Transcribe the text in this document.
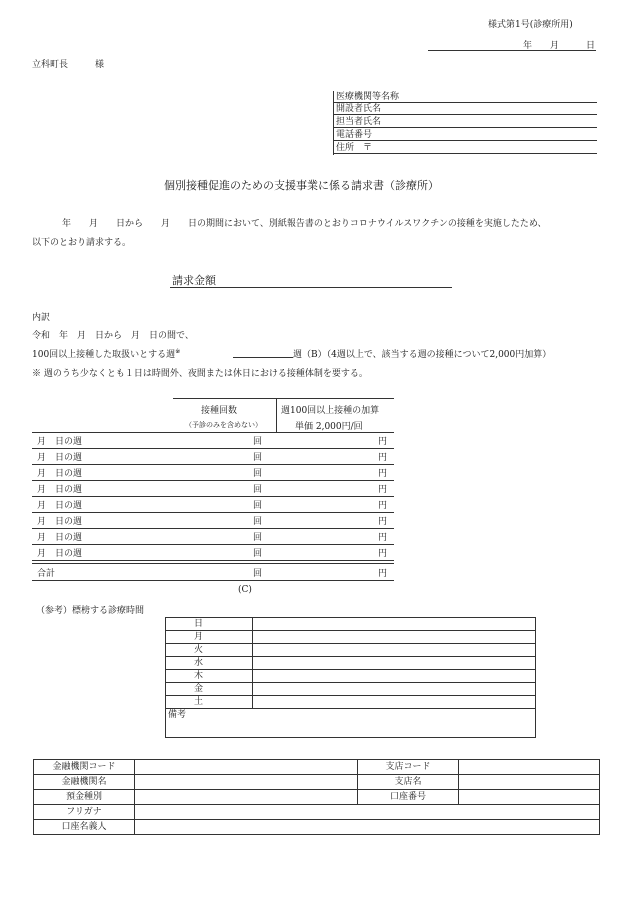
様式第1号(診療所用)
年　　月　　　日
立科町長　　　様
医療機関等名称
開設者氏名
担当者氏名
電話番号
住所　〒
個別接種促進のための支援事業に係る請求書（診療所）
年　　月　　日から　　月　　日の期間において、別紙報告書のとおりコロナウイルスワクチンの接種を実施したため、
以下のとおり請求する。
請求金額
内訳
令和　年　月　日から　月　日の間で、
100回以上接種した取扱いとする週※	週（B）（4週以上で、該当する週の接種について2,000円加算）
※ 週のうち少なくとも１日は時間外、夜間または休日における接種体制を要する。
接種回数
（予診のみを含めない）
週100回以上接種の加算
単価 2,000円/回
月　日の週	回	円
月　日の週	回	円
月　日の週	回	円
月　日の週	回	円
月　日の週	回	円
月　日の週	回	円
月　日の週	回	円
月　日の週	回	円
合計	回	円
(C)
（参考）標榜する診療時間
日	
月	
火	
水	
木	
金	
土	
備考	
金融機関コード		支店コード	
金融機関名		支店名	
預金種別		口座番号	
フリガナ			
口座名義人			
